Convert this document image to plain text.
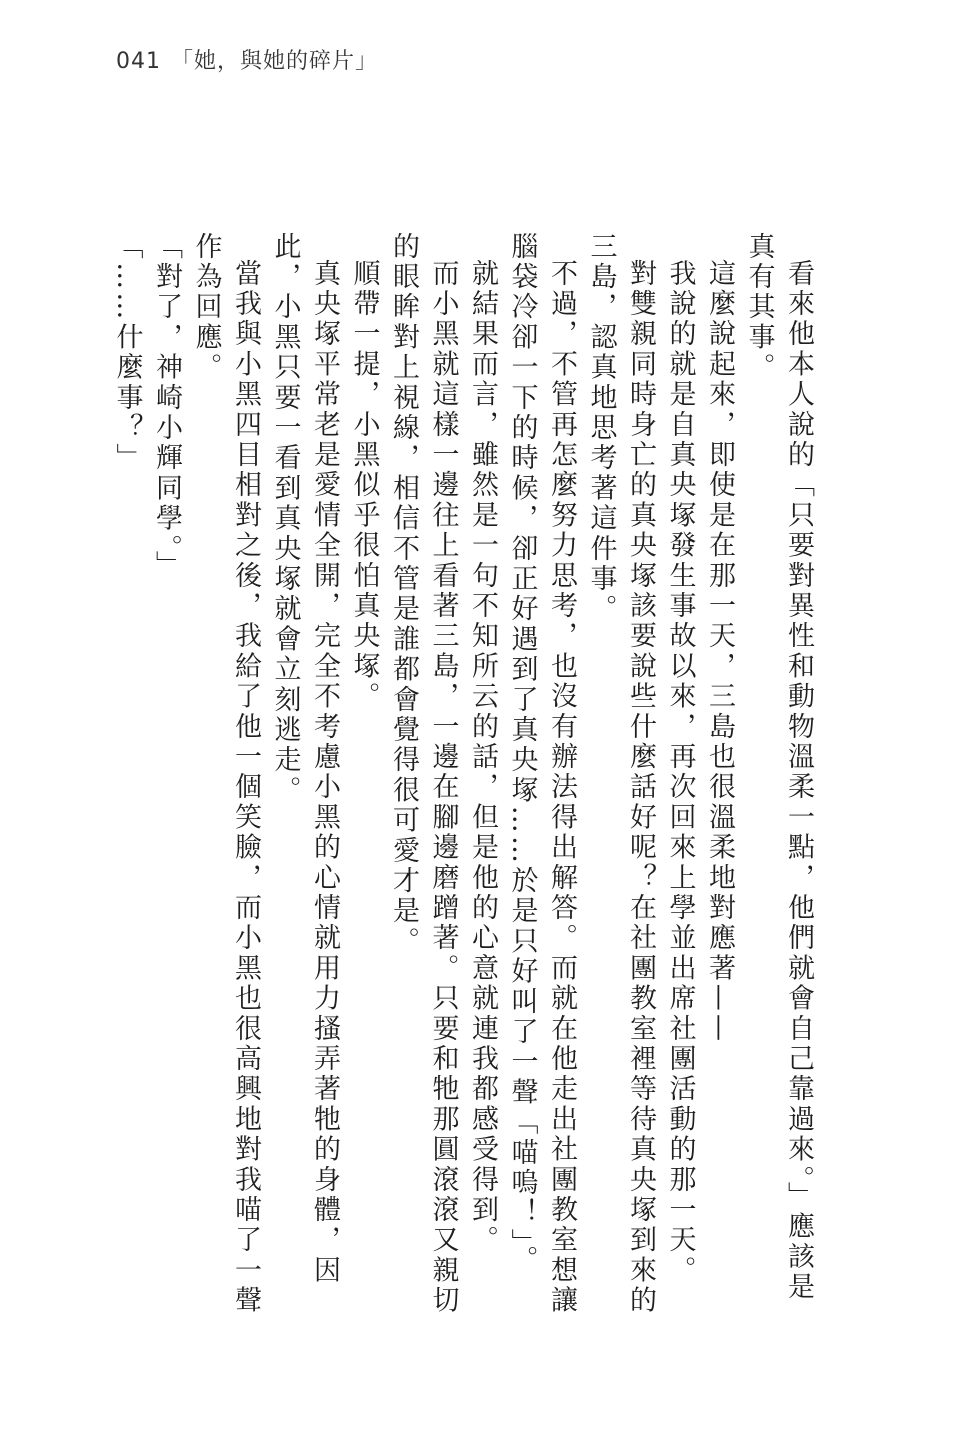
041 「她，與她的碎片」

看來他本人說的「只要對異性和動物溫柔一點，他們就會自己靠過來。」應該是真有其事。

這麼說起來，即使是在那一天，三島也很溫柔地對應著——

我說的就是自真央塚發生事故以來，再次回來上學並出席社團活動的那一天。

對雙親同時身亡的真央塚該要說些什麼話好呢？在社團教室裡等待真央塚到來的三島，認真地思考著這件事。

不過，不管再怎麼努力思考，也沒有辦法得出解答。而就在他走出社團教室想讓腦袋冷卻一下的時候，卻正好遇到了真央塚……於是只好叫了一聲「喵嗚！」。

就結果而言，雖然是一句不知所云的話，但是他的心意就連我都感受得到。

而小黑就這樣一邊往上看著三島，一邊在腳邊磨蹭著。只要和牠那圓滾滾又親切的眼眸對上視線，相信不管是誰都會覺得很可愛才是。

順帶一提，小黑似乎很怕真央塚。

真央塚平常老是愛情全開，完全不考慮小黑的心情就用力搔弄著牠的身體，因此，小黑只要一看到真央塚就會立刻逃走。

當我與小黑四目相對之後，我給了他一個笑臉，而小黑也很高興地對我喵了一聲作為回應。

「對了，神崎小輝同學。」

「……什麼事？」
